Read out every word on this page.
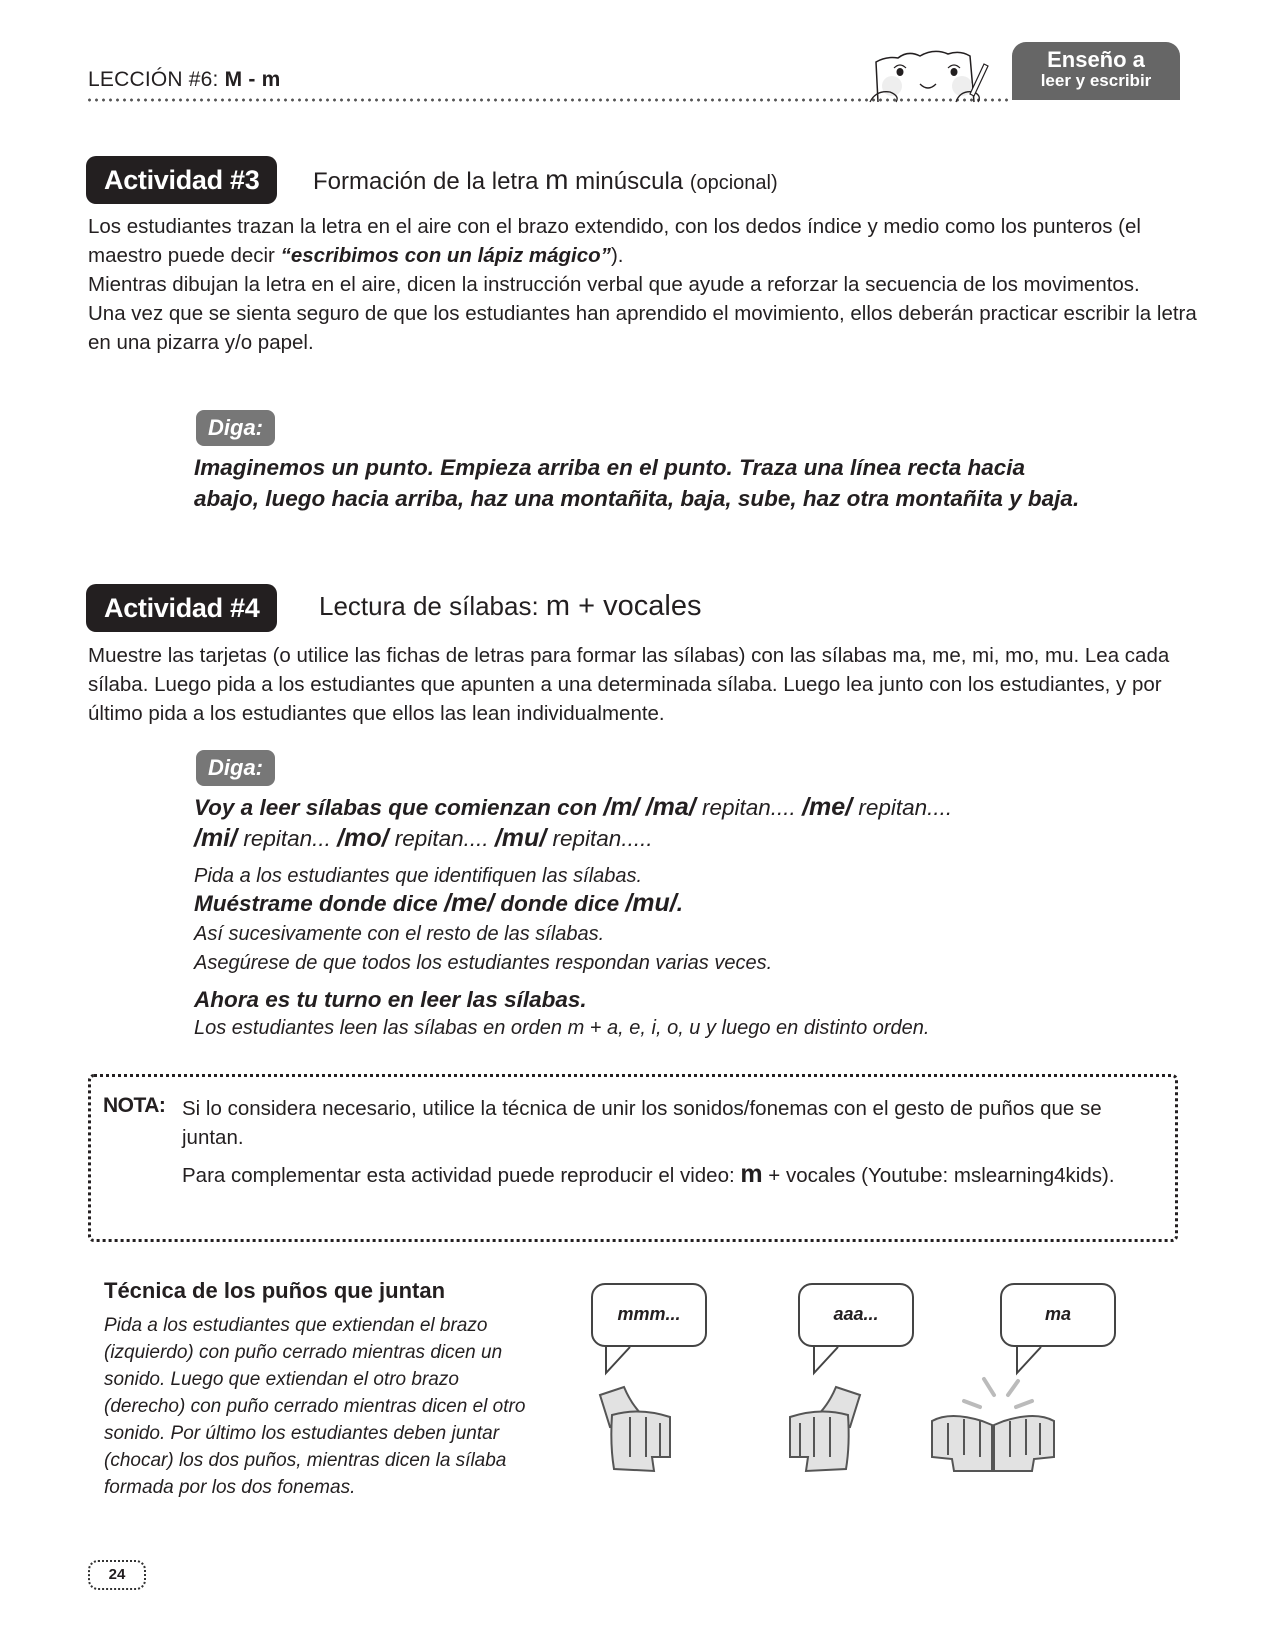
LECCIÓN #6: M - m
Enseño a
leer y escribir
Actividad #3	Formación de la letra m minúscula (opcional)
Los estudiantes trazan la letra en el aire con el brazo extendido, con los dedos índice y medio como los punteros (el maestro puede decir “escribimos con un lápiz mágico”).
Mientras dibujan la letra en el aire, dicen la instrucción verbal que ayude a reforzar la secuencia de los movimentos.
Una vez que se sienta seguro de que los estudiantes han aprendido el movimiento, ellos deberán practicar escribir la letra en una pizarra y/o papel.
Diga:
Imaginemos un punto. Empieza arriba en el punto. Traza una línea recta hacia
abajo, luego hacia arriba, haz una montañita, baja, sube, haz otra montañita y baja.
Actividad #4	Lectura de sílabas: m + vocales
Muestre las tarjetas (o utilice las fichas de letras para formar las sílabas) con las sílabas ma, me, mi, mo, mu. Lea cada sílaba. Luego pida a los estudiantes que apunten a una determinada sílaba. Luego lea junto con los estudiantes, y por último pida a los estudiantes que ellos las lean individualmente.
Diga:
Voy a leer sílabas que comienzan con /m/ /ma/ repitan.... /me/ repitan....
/mi/ repitan... /mo/ repitan.... /mu/ repitan.....
Pida a los estudiantes que identifiquen las sílabas.
Muéstrame donde dice /me/ donde dice /mu/.
Así sucesivamente con el resto de las sílabas.
Asegúrese de que todos los estudiantes respondan varias veces.
Ahora es tu turno en leer las sílabas.
Los estudiantes leen las sílabas en orden m + a, e, i, o, u y luego en distinto orden.
NOTA: Si lo considera necesario, utilice la técnica de unir los sonidos/fonemas con el gesto de puños que se juntan.
Para complementar esta actividad puede reproducir el video: m + vocales (Youtube: mslearning4kids).
Técnica de los puños que juntan
Pida a los estudiantes que extiendan el brazo (izquierdo) con puño cerrado mientras dicen un sonido. Luego que extiendan el otro brazo (derecho) con puño cerrado mientras dicen el otro sonido. Por último los estudiantes deben juntar (chocar) los dos puños, mientras dicen la sílaba formada por los dos fonemas.
mmm...	aaa...	ma
24
